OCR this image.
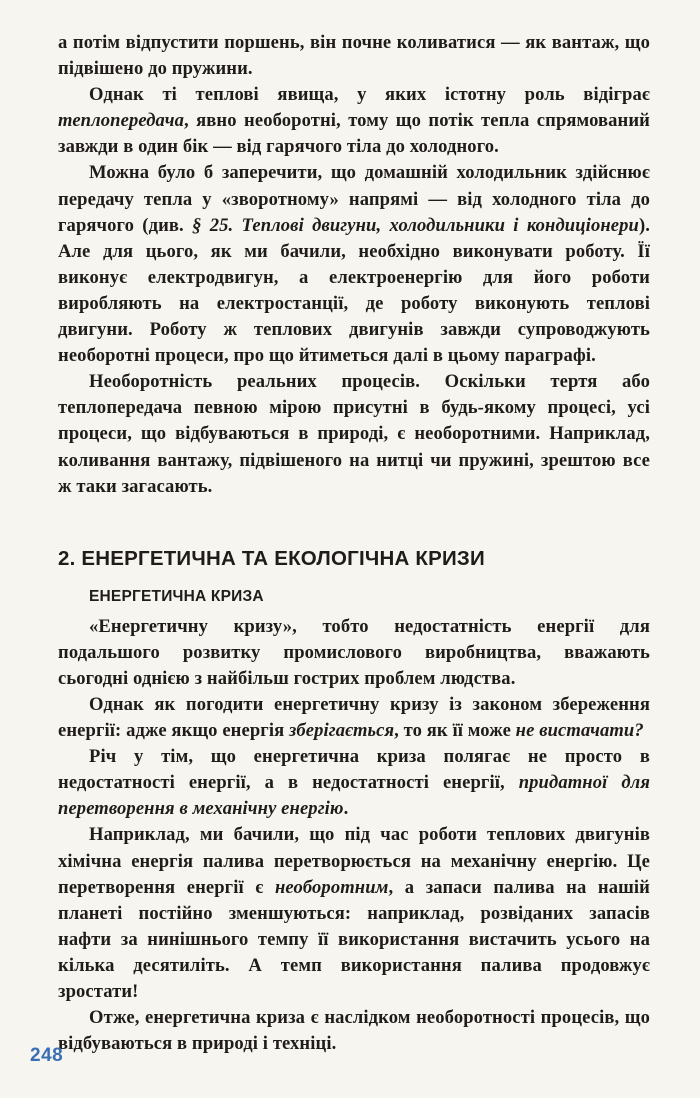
а потім відпустити поршень, він почне коливатися — як вантаж, що підвішено до пружини.

Однак ті теплові явища, у яких істотну роль відіграє теплопередача, явно необоротні, тому що потік тепла спрямований завжди в один бік — від гарячого тіла до холодного.

Можна було б заперечити, що домашній холодильник здійснює передачу тепла у «зворотному» напрямі — від холодного тіла до гарячого (див. § 25. Теплові двигуни, холодильники і кондиціонери). Але для цього, як ми бачили, необхідно виконувати роботу. Її виконує електродвигун, а електроенергію для його роботи виробляють на електростанції, де роботу виконують теплові двигуни. Роботу ж теплових двигунів завжди супроводжують необоротні процеси, про що йтиметься далі в цьому параграфі.

Необоротність реальних процесів. Оскільки тертя або теплопередача певною мірою присутні в будь-якому процесі, усі процеси, що відбуваються в природі, є необоротними. Наприклад, коливання вантажу, підвішеного на нитці чи пружині, зрештою все ж таки загасають.

2. ЕНЕРГЕТИЧНА ТА ЕКОЛОГІЧНА КРИЗИ
ЕНЕРГЕТИЧНА КРИЗА

«Енергетичну кризу», тобто недостатність енергії для подальшого розвитку промислового виробництва, вважають сьогодні однією з найбільш гострих проблем людства.

Однак як погодити енергетичну кризу із законом збереження енергії: адже якщо енергія зберігається, то як її може не вистачати?

Річ у тім, що енергетична криза полягає не просто в недостатності енергії, а в недостатності енергії, придатної для перетворення в механічну енергію.

Наприклад, ми бачили, що під час роботи теплових двигунів хімічна енергія палива перетворюється на механічну енергію. Це перетворення енергії є необоротним, а запаси палива на нашій планеті постійно зменшуються: наприклад, розвіданих запасів нафти за нинішнього темпу її використання вистачить усього на кілька десятиліть. А темп використання палива продовжує зростати!

Отже, енергетична криза є наслідком необоротності процесів, що відбуваються в природі і техніці.

248
